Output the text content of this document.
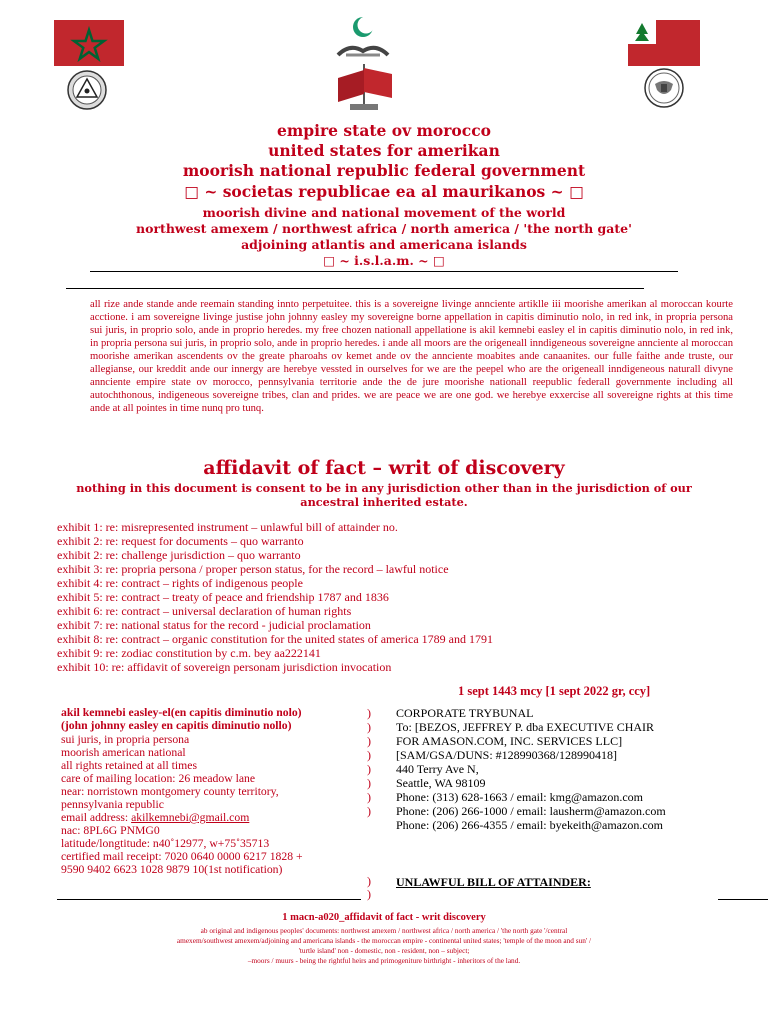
empire state ov morocco
united states for amerikan
moorish national republic federal government
□ ~ societas republicae ea al maurikanos ~ □
moorish divine and national movement of the world
northwest amexem / northwest africa / north america / 'the north gate'
adjoining atlantis and americana islands
□ ~ i.s.l.a.m. ~ □
all rize ande stande ande reemain standing innto perpetuitee. this is a sovereigne livinge annciente artiklle iii moorishe amerikan al moroccan kourte acctione. i am sovereigne livinge justise john johnny easley my sovereigne borne appellation in capitis diminutio nolo, in red ink, in propria persona sui juris, in proprio solo, ande in proprio heredes. my free chozen nationall appellatione is akil kemnebi easley el in capitis diminutio nolo, in red ink, in propria persona sui juris, in proprio solo, ande in proprio heredes. i ande all moors are the origeneall inndigeneous sovereigne annciente al moroccan moorishe amerikan ascendents ov the greate pharoahs ov kemet ande ov the annciente moabites ande canaanites. our fulle faithe ande truste, our allegianse, our kreddit ande our innergy are herebye vessted in ourselves for we are the peepel who are the origeneall inndigeneous naturall divyne annciente empire state ov morocco, pennsylvania territorie ande the de jure moorishe nationall reepublic federall governmente including all autochthonous, indigeneous sovereigne tribes, clan and prides. we are peace we are one god. we herebye exxercise all sovereigne rights at this time ande at all pointes in time nunq pro tunq.
affidavit of fact – writ of discovery
nothing in this document is consent to be in any jurisdiction other than in the jurisdiction of our
ancestral inherited estate.
exhibit 1: re: misrepresented instrument – unlawful bill of attainder no.
exhibit 2: re: request for documents – quo warranto
exhibit 2: re: challenge jurisdiction – quo warranto
exhibit 3: re: propria persona / proper person status, for the record – lawful notice
exhibit 4: re: contract – rights of indigenous people
exhibit 5: re: contract – treaty of peace and friendship 1787 and 1836
exhibit 6: re: contract – universal declaration of human rights
exhibit 7: re: national status for the record - judicial proclamation
exhibit 8: re: contract – organic constitution for the united states of america 1789 and 1791
exhibit 9: re: zodiac constitution by c.m. bey aa222141
exhibit 10: re: affidavit of sovereign personam jurisdiction invocation
1 sept 1443 mcy [1 sept 2022 gr, ccy]
akil kemnebi easley-el(en capitis diminutio nolo)
(john johnny easley en capitis diminutio nollo)
sui juris, in propria persona
moorish american national
all rights retained at all times
care of mailing location: 26 meadow lane
near: norristown montgomery county territory,
pennsylvania republic
email address: akilkemnebi@gmail.com
nac: 8PL6G PNMG0
latitude/longtitude: n40˚12977, w+75˚35713
certified mail receipt: 7020 0640 0000 6217 1828 +
9590 9402 6623 1028 9879 10(1st notification)
)
)
)
)
)
)
)
)
)
)
CORPORATE TRYBUNAL
To: [BEZOS, JEFFREY P. dba EXECUTIVE CHAIR
FOR AMASON.COM, INC. SERVICES LLC]
[SAM/GSA/DUNS: #128990368/128990418]
440 Terry Ave N,
Seattle, WA 98109
Phone: (313) 628-1663 / email: kmg@amazon.com
Phone: (206) 266-1000 / email: lausherm@amazon.com
Phone: (206) 266-4355 / email: byekeith@amazon.com
UNLAWFUL BILL OF ATTAINDER:
1 macn-a020_affidavit of fact - writ discovery
ab original and indigenous peoples' documents: northwest amexem / northwest africa / north america / 'the north gate '/central
amexem/southwest amexem/adjoining and americana islands - the moroccan empire - continental united states; 'temple of the moon and sun' /
'turtle island' non - domestic, non - resident, non – subject;
–moors / muurs - being the rightful heirs and primogeniture birthright - inheritors of the land.
